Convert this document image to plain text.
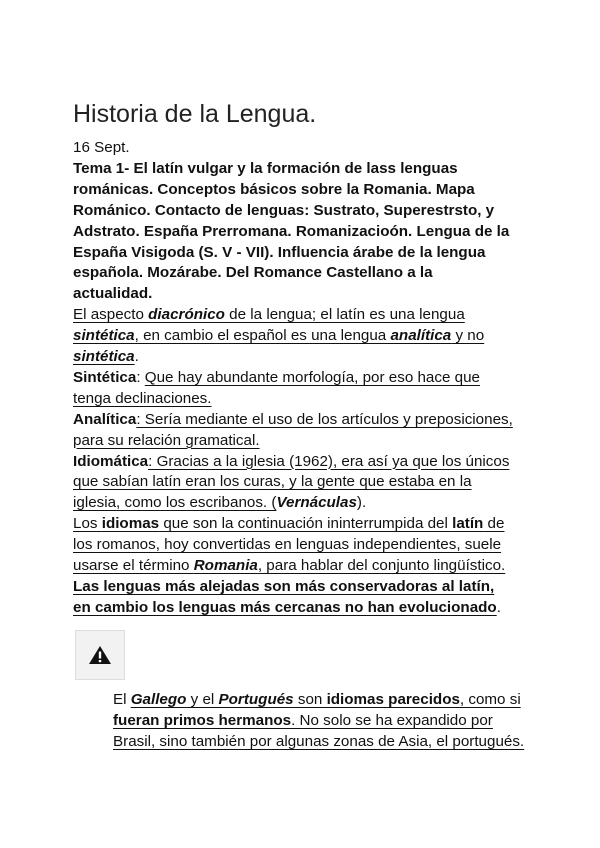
Historia de la Lengua.
16 Sept.
Tema 1- El latín vulgar y la formación de lass lenguas
románicas. Conceptos básicos sobre la Romania. Mapa
Románico. Contacto de lenguas: Sustrato, Superestrsto, y
Adstrato. España Prerromana. Romanizacioón. Lengua de la
España Visigoda (S. V - VII). Influencia árabe de la lengua
española. Mozárabe. Del Romance Castellano a la
actualidad.
El aspecto diacrónico de la lengua; el latín es una lengua
sintética, en cambio el español es una lengua analítica y no
sintética.
Sintética: Que hay abundante morfología, por eso hace que
tenga declinaciones.
Analítica: Sería mediante el uso de los artículos y preposiciones,
para su relación gramatical.
Idiomática: Gracias a la iglesia (1962), era así ya que los únicos
que sabían latín eran los curas, y la gente que estaba en la
iglesia, como los escribanos. (Vernáculas).
Los idiomas que son la continuación ininterrumpida del latín de
los romanos, hoy convertidas en lenguas independientes, suele
usarse el término Romania, para hablar del conjunto lingüístico.
Las lenguas más alejadas son más conservadoras al latín,
en cambio los lenguas más cercanas no han evolucionado.
El Gallego y el Portugués son idiomas parecidos, como si
fueran primos hermanos. No solo se ha expandido por
Brasil, sino también por algunas zonas de Asia, el portugués.
